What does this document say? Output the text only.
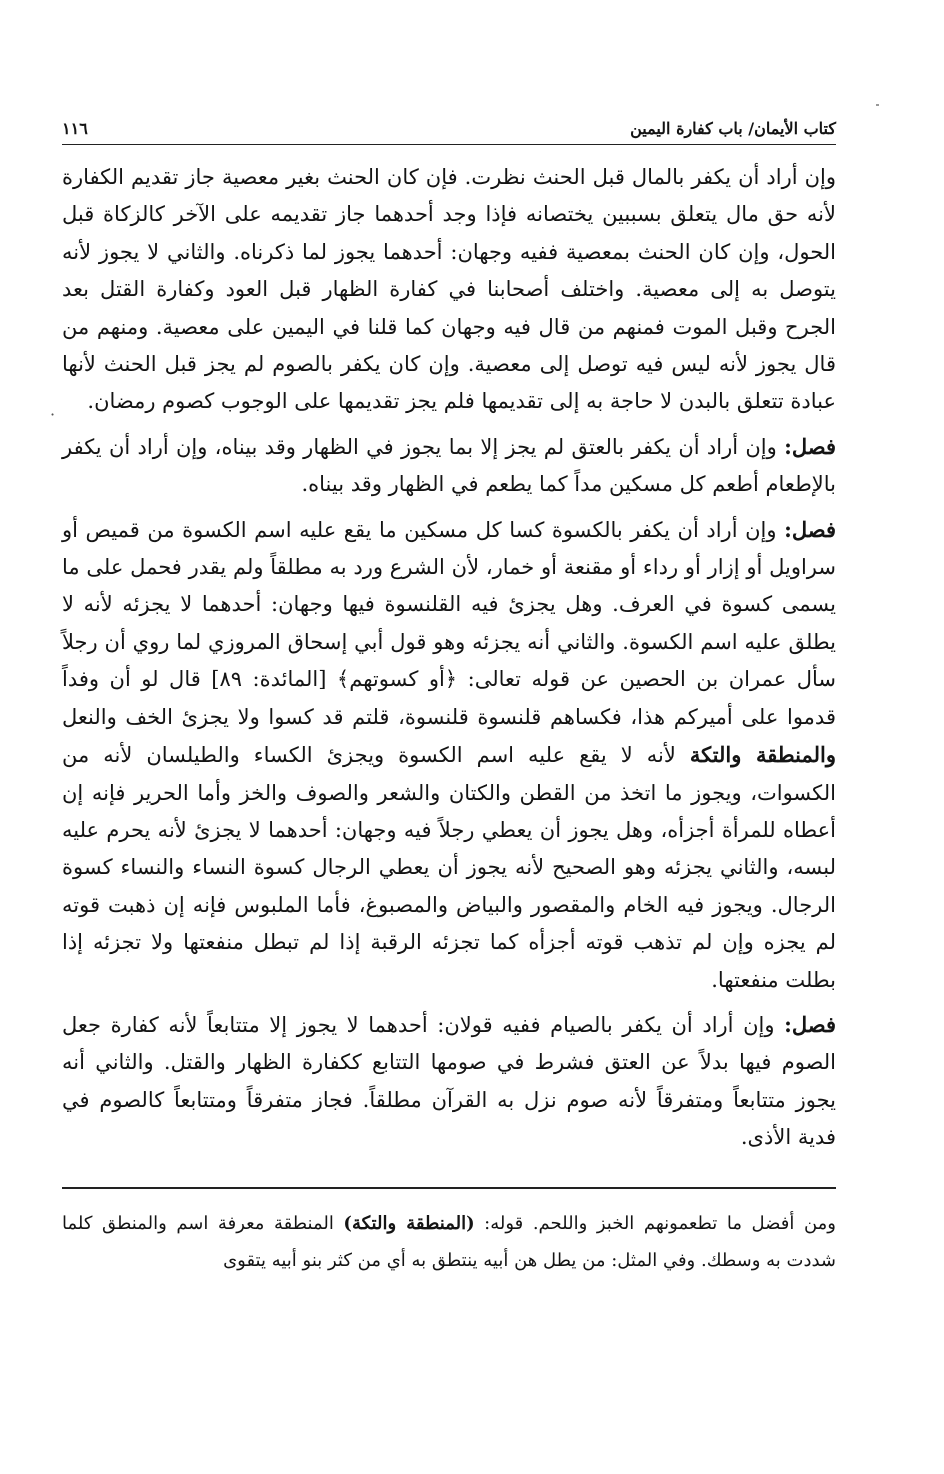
·
كتاب الأيمان/ باب كفارة اليمين
١١٦

وإن أراد أن يكفر بالمال قبل الحنث نظرت. فإن كان الحنث بغير معصية جاز تقديم الكفارة لأنه حق مال يتعلق بسببين يختصانه فإذا وجد أحدهما جاز تقديمه على الآخر كالزكاة قبل الحول، وإن كان الحنث بمعصية ففيه وجهان: أحدهما يجوز لما ذكرناه. والثاني لا يجوز لأنه يتوصل به إلى معصية. واختلف أصحابنا في كفارة الظهار قبل العود وكفارة القتل بعد الجرح وقبل الموت فمنهم من قال فيه وجهان كما قلنا في اليمين على معصية. ومنهم من قال يجوز لأنه ليس فيه توصل إلى معصية. وإن كان يكفر بالصوم لم يجز قبل الحنث لأنها عبادة تتعلق بالبدن لا حاجة به إلى تقديمها فلم يجز تقديمها على الوجوب كصوم رمضان.

فصل: وإن أراد أن يكفر بالعتق لم يجز إلا بما يجوز في الظهار وقد بيناه، وإن أراد أن يكفر بالإطعام أطعم كل مسكين مداً كما يطعم في الظهار وقد بيناه.

فصل: وإن أراد أن يكفر بالكسوة كسا كل مسكين ما يقع عليه اسم الكسوة من قميص أو سراويل أو إزار أو رداء أو مقنعة أو خمار، لأن الشرع ورد به مطلقاً ولم يقدر فحمل على ما يسمى كسوة في العرف. وهل يجزئ فيه القلنسوة فيها وجهان: أحدهما لا يجزئه لأنه لا يطلق عليه اسم الكسوة. والثاني أنه يجزئه وهو قول أبي إسحاق المروزي لما روي أن رجلاً سأل عمران بن الحصين عن قوله تعالى: ﴿أو كسوتهم﴾ [المائدة: ٨٩] قال لو أن وفداً قدموا على أميركم هذا، فكساهم قلنسوة قلنسوة، قلتم قد كسوا ولا يجزئ الخف والنعل والمنطقة والتكة لأنه لا يقع عليه اسم الكسوة ويجزئ الكساء والطيلسان لأنه من الكسوات، ويجوز ما اتخذ من القطن والكتان والشعر والصوف والخز وأما الحرير فإنه إن أعطاه للمرأة أجزأه، وهل يجوز أن يعطي رجلاً فيه وجهان: أحدهما لا يجزئ لأنه يحرم عليه لبسه، والثاني يجزئه وهو الصحيح لأنه يجوز أن يعطي الرجال كسوة النساء والنساء كسوة الرجال. ويجوز فيه الخام والمقصور والبياض والمصبوغ، فأما الملبوس فإنه إن ذهبت قوته لم يجزه وإن لم تذهب قوته أجزأه كما تجزئه الرقبة إذا لم تبطل منفعتها ولا تجزئه إذا بطلت منفعتها.

فصل: وإن أراد أن يكفر بالصيام ففيه قولان: أحدهما لا يجوز إلا متتابعاً لأنه كفارة جعل الصوم فيها بدلاً عن العتق فشرط في صومها التتابع ككفارة الظهار والقتل. والثاني أنه يجوز متتابعاً ومتفرقاً لأنه صوم نزل به القرآن مطلقاً. فجاز متفرقاً ومتتابعاً كالصوم في فدية الأذى.

ومن أفضل ما تطعمونهم الخبز واللحم. قوله: (المنطقة والتكة) المنطقة معرفة اسم والمنطق كلما شددت به وسطك. وفي المثل: من يطل هن أبيه ينتطق به أي من كثر بنو أبيه يتقوى
